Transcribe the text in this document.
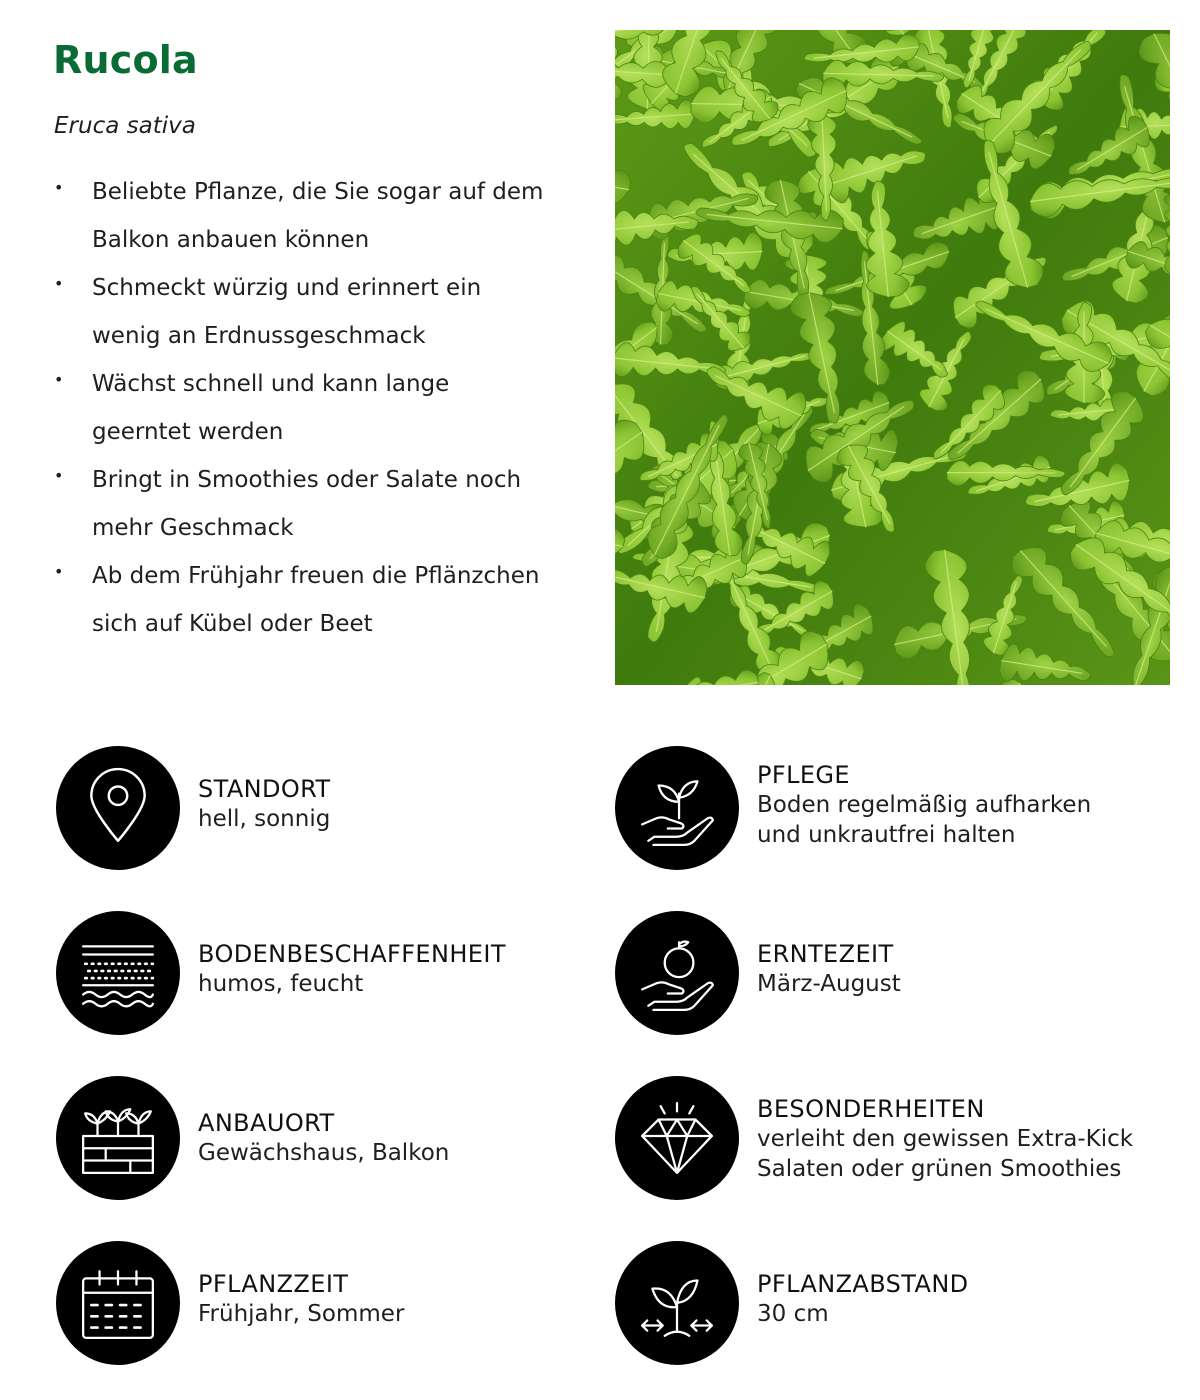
Rucola
Eruca sativa
• Beliebte Pflanze, die Sie sogar auf dem
Balkon anbauen können
• Schmeckt würzig und erinnert ein
wenig an Erdnussgeschmack
• Wächst schnell und kann lange
geerntet werden
• Bringt in Smoothies oder Salate noch
mehr Geschmack
• Ab dem Frühjahr freuen die Pflänzchen
sich auf Kübel oder Beet
STANDORT
hell, sonnig
BODENBESCHAFFENHEIT
humos, feucht
ANBAUORT
Gewächshaus, Balkon
PFLANZZEIT
Frühjahr, Sommer
PFLEGE
Boden regelmäßig aufharken
und unkrautfrei halten
ERNTEZEIT
März-August
BESONDERHEITEN
verleiht den gewissen Extra-Kick
Salaten oder grünen Smoothies
PFLANZABSTAND
30 cm
